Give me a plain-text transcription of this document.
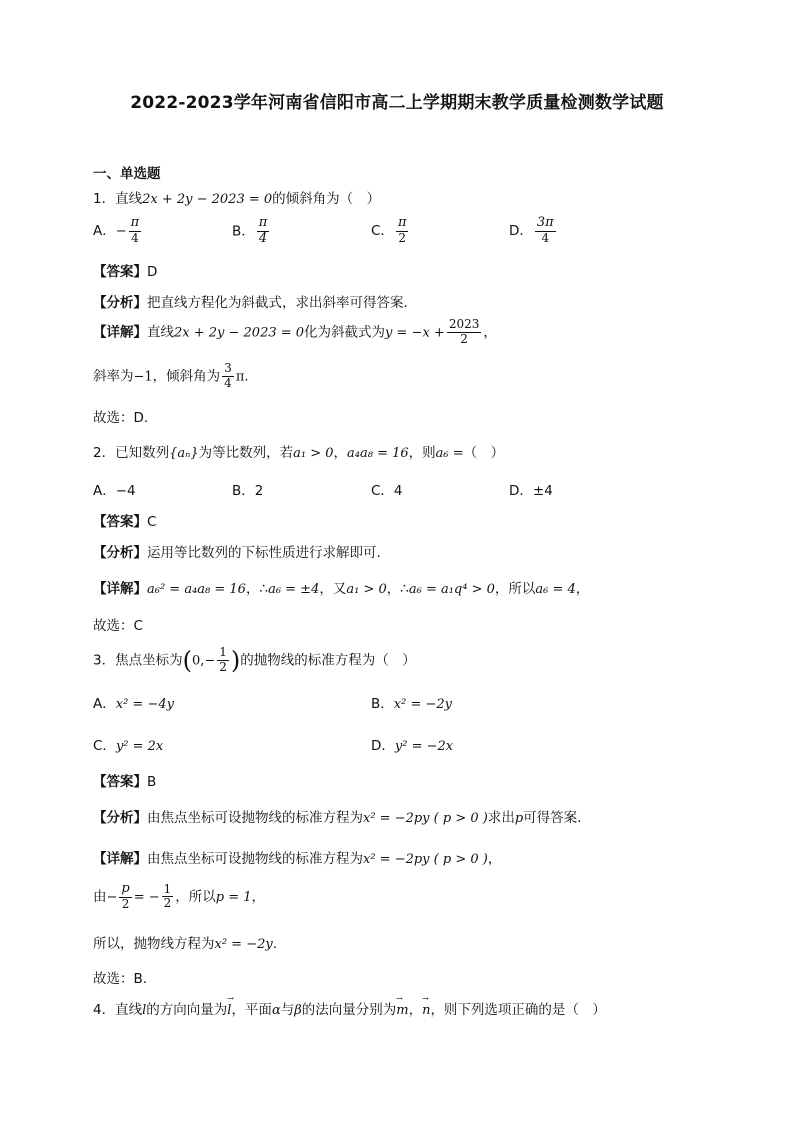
2022-2023学年河南省信阳市高二上学期期末教学质量检测数学试题
一、单选题
1．直线2x + 2y − 2023 = 0的倾斜角为（　）
A．− $\frac{\pi}{4}$	B． $\frac{\pi}{4}$	C． $\frac{\pi}{2}$	D． $\frac{3\pi}{4}$
【答案】D
【分析】把直线方程化为斜截式，求出斜率可得答案.
【详解】直线2x + 2y − 2023 = 0化为斜截式为$y = -x + \frac{2023}{2}$ ，
斜率为−1，倾斜角为 $\frac{3}{4} \pi$.
故选：D.
2．已知数列{aₙ}为等比数列，若a₁ > 0，a₄a₈ = 16，则a₆ =（　）
A．−4	B．2	C．4	D．±4
【答案】C
【分析】运用等比数列的下标性质进行求解即可.
【详解】a₆² = a₄a₈ = 16，∴a₆ = ±4，又a₁ > 0，∴a₆ = a₁q⁴ > 0，所以a₆ = 4，
故选：C
3．焦点坐标为($0,- \frac{1}{2}$ )的抛物线的标准方程为（　）
A．x² = −4y	B．x² = −2y
C．y² = 2x	D．y² = −2x
【答案】B
【分析】由焦点坐标可设抛物线的标准方程为x² = −2py ( p > 0 )求出p可得答案.
【详解】由焦点坐标可设抛物线的标准方程为x² = −2py ( p > 0 )，
由− $\frac{p}{2}$ = − $\frac{1}{2}$ ，所以p = 1，
所以，抛物线方程为x² = −2y.
故选：B.
4．直线l的方向向量为→ l，平面α与β的法向量分别为→ m，→ n，则下列选项正确的是（　）
